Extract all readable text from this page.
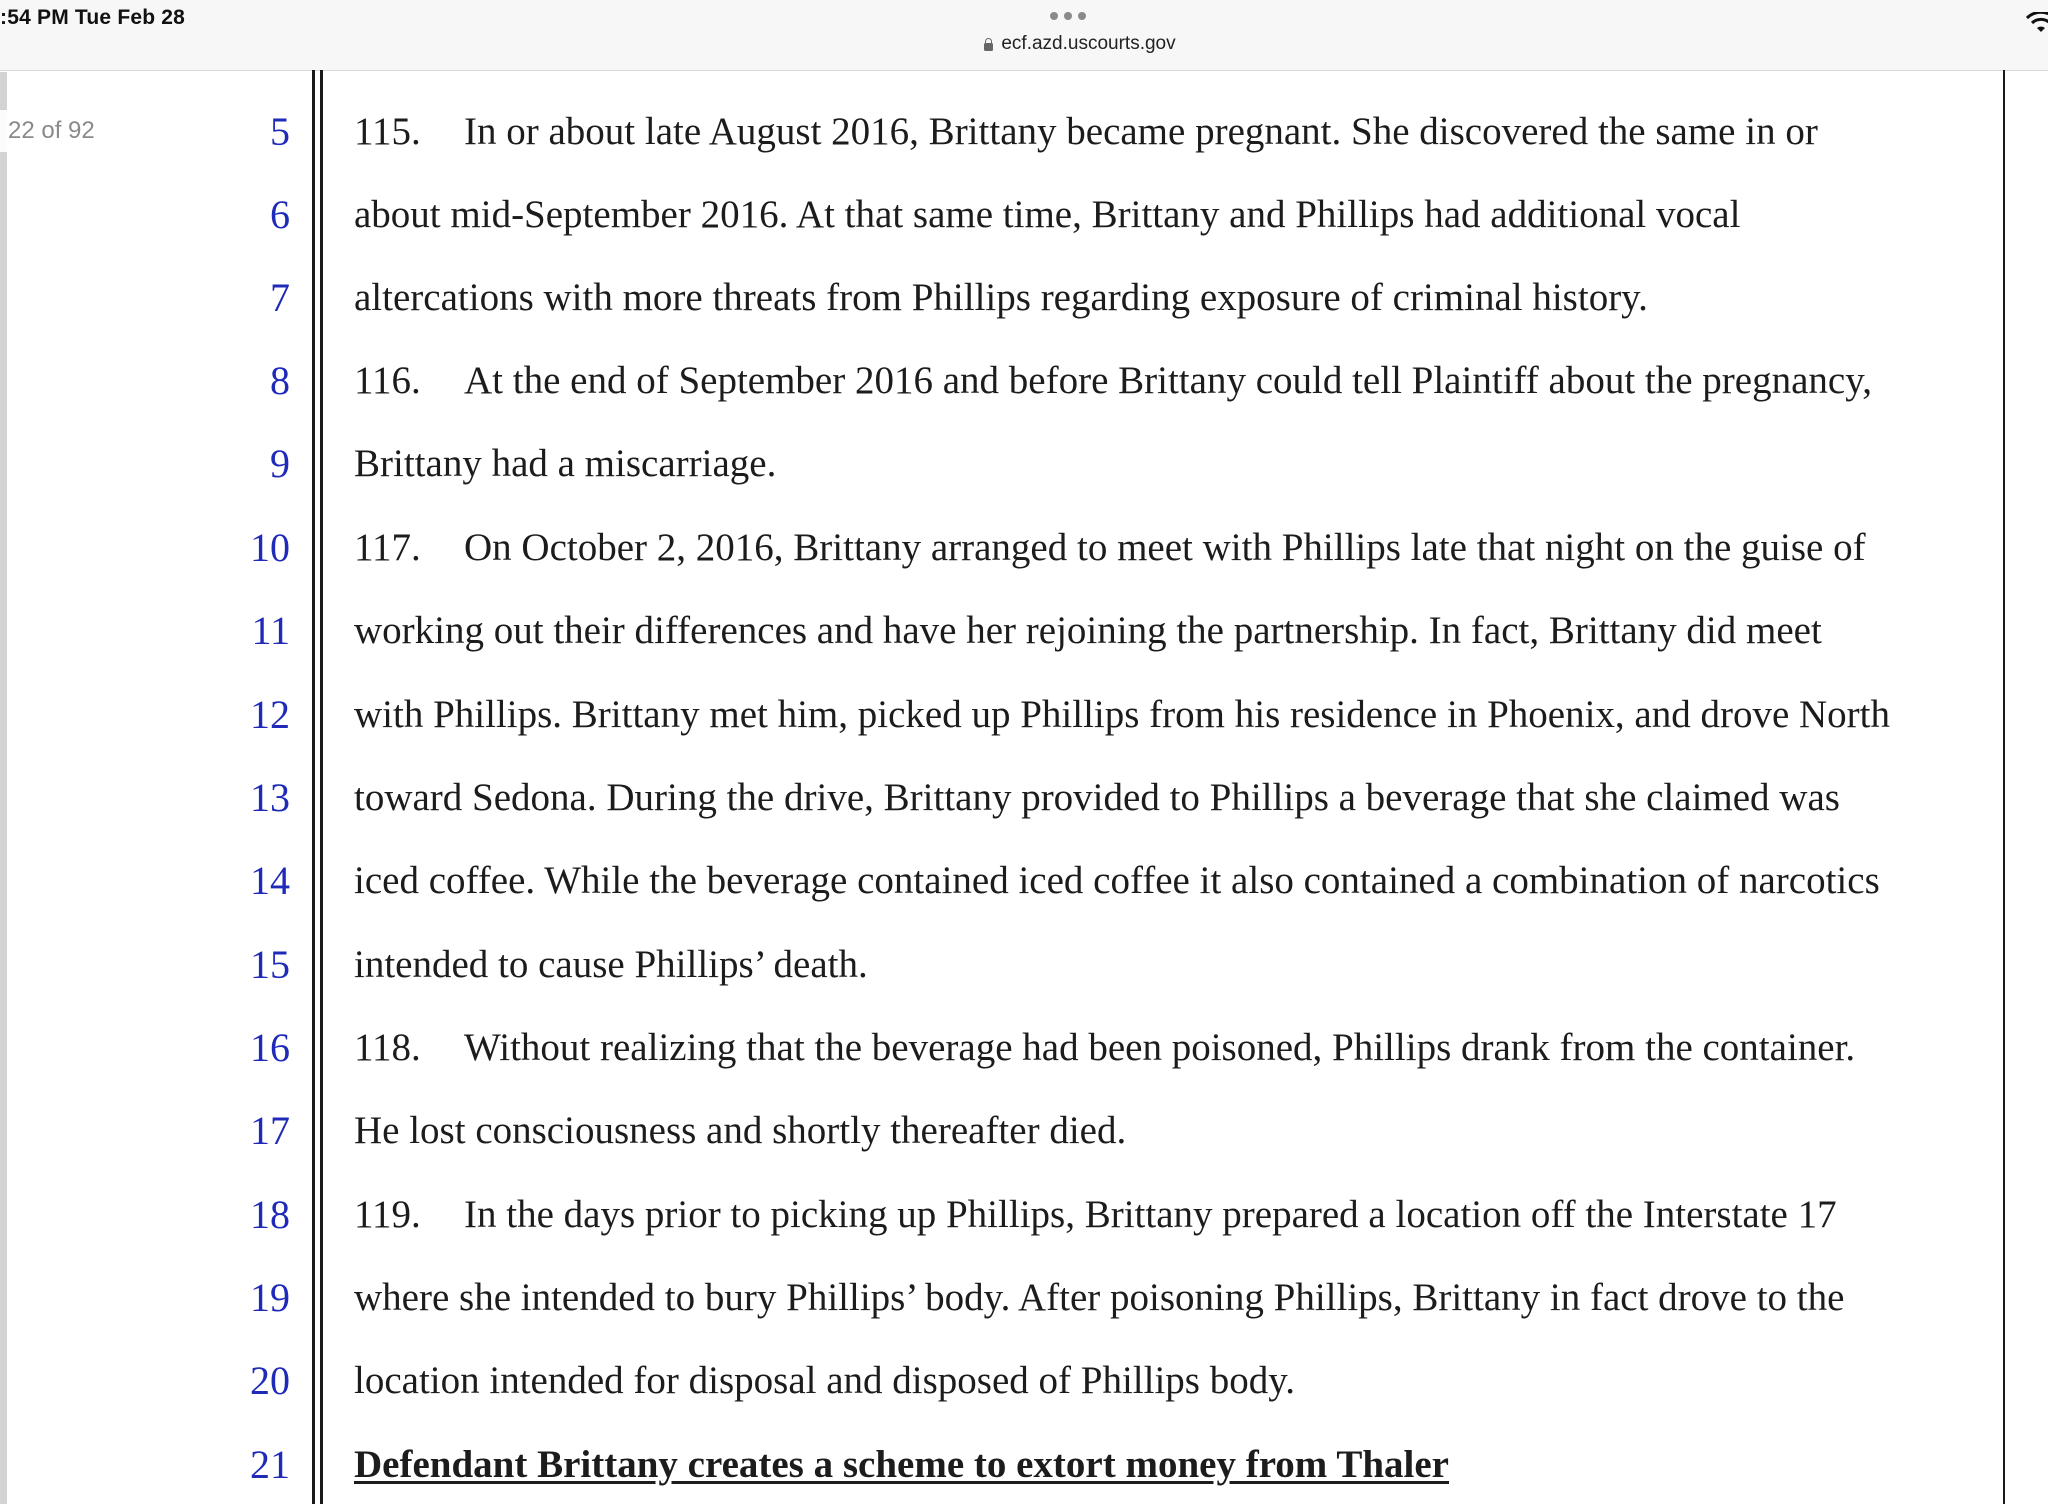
:54 PM Tue Feb 28
ecf.azd.uscourts.gov
22 of 92	5 115. In or about late August 2016, Brittany became pregnant. She discovered the same in or
6 about mid-September 2016. At that same time, Brittany and Phillips had additional vocal
7 altercations with more threats from Phillips regarding exposure of criminal history.
8 116. At the end of September 2016 and before Brittany could tell Plaintiff about the pregnancy,
9 Brittany had a miscarriage.
10 117. On October 2, 2016, Brittany arranged to meet with Phillips late that night on the guise of
11 working out their differences and have her rejoining the partnership. In fact, Brittany did meet
12 with Phillips. Brittany met him, picked up Phillips from his residence in Phoenix, and drove North
13 toward Sedona. During the drive, Brittany provided to Phillips a beverage that she claimed was
14 iced coffee. While the beverage contained iced coffee it also contained a combination of narcotics
15 intended to cause Phillips’ death.
16 118. Without realizing that the beverage had been poisoned, Phillips drank from the container.
17 He lost consciousness and shortly thereafter died.
18 119. In the days prior to picking up Phillips, Brittany prepared a location off the Interstate 17
19 where she intended to bury Phillips’ body. After poisoning Phillips, Brittany in fact drove to the
20 location intended for disposal and disposed of Phillips body.
21 Defendant Brittany creates a scheme to extort money from Thaler
